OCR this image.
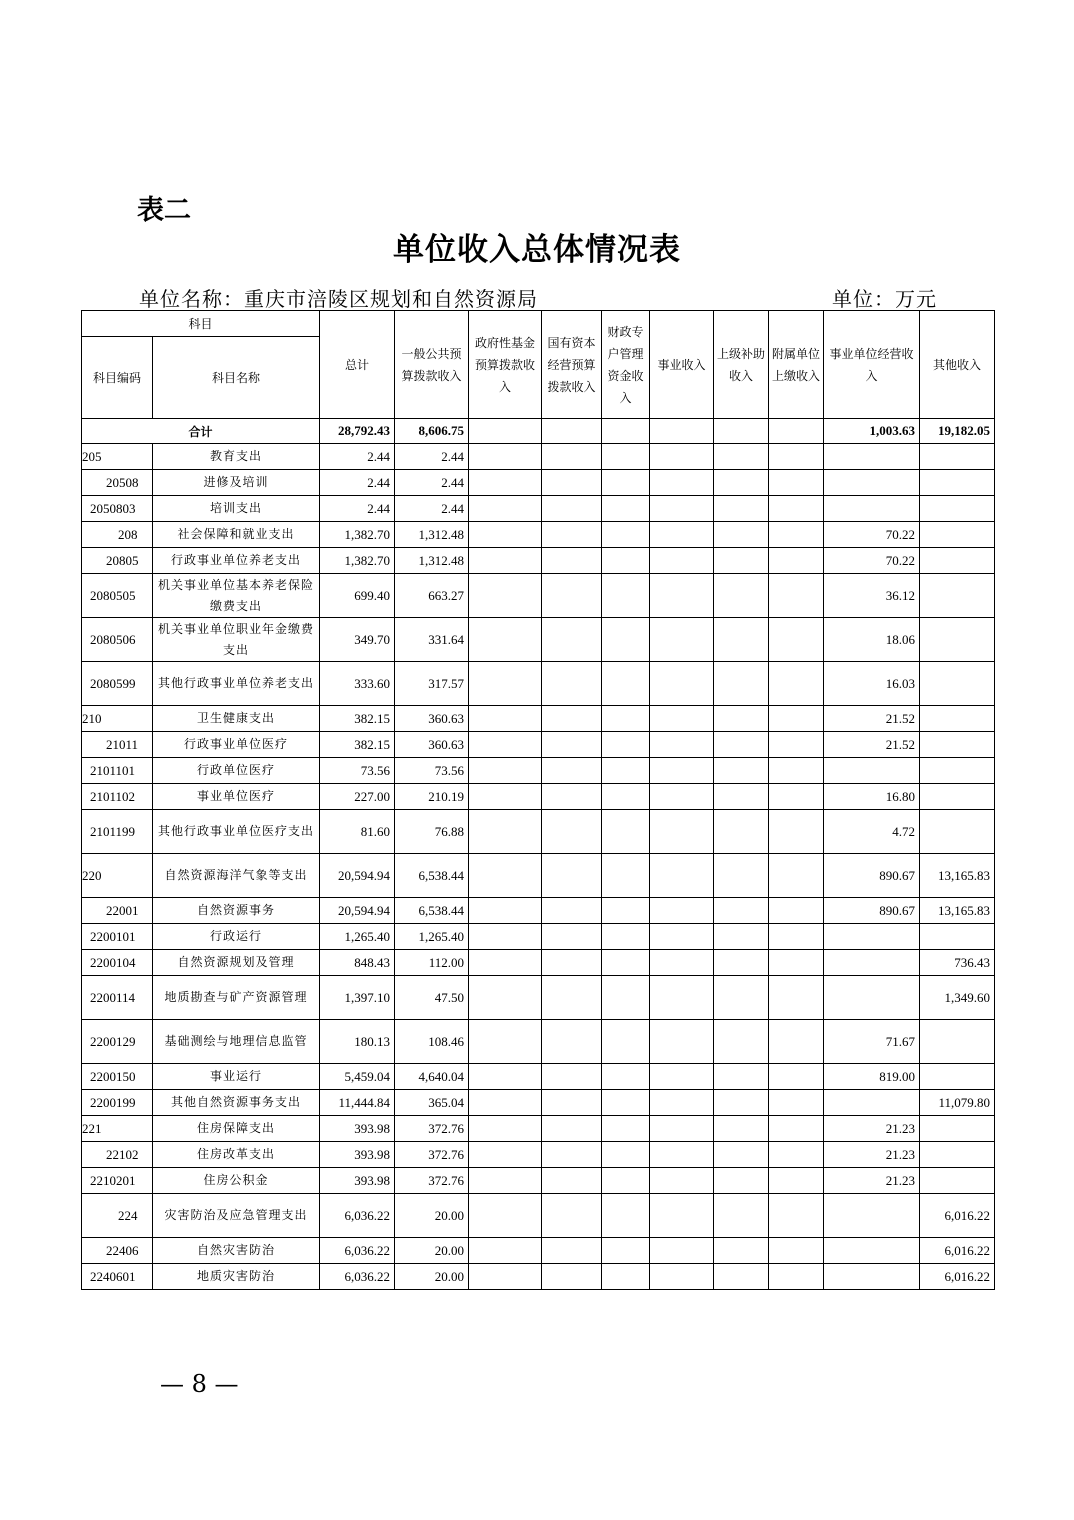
表二
单位收入总体情况表
单位名称：重庆市涪陵区规划和自然资源局	单位：万元
科目		总计	一般公共预算拨款收入	政府性基金预算拨款收入	国有资本经营预算拨款收入	财政专户管理资金收入	事业收入	上级补助收入	附属单位上缴收入	事业单位经营收入	其他收入
科目编码	科目名称										
合计		28,792.43	8,606.75							1,003.63	19,182.05
205	教育支出	2.44	2.44								
20508	进修及培训	2.44	2.44								
2050803	培训支出	2.44	2.44								
208	社会保障和就业支出	1,382.70	1,312.48							70.22	
20805	行政事业单位养老支出	1,382.70	1,312.48							70.22	
2080505	机关事业单位基本养老保险缴费支出	699.40	663.27							36.12	
2080506	机关事业单位职业年金缴费支出	349.70	331.64							18.06	
2080599	其他行政事业单位养老支出	333.60	317.57							16.03	
210	卫生健康支出	382.15	360.63							21.52	
21011	行政事业单位医疗	382.15	360.63							21.52	
2101101	行政单位医疗	73.56	73.56								
2101102	事业单位医疗	227.00	210.19							16.80	
2101199	其他行政事业单位医疗支出	81.60	76.88							4.72	
220	自然资源海洋气象等支出	20,594.94	6,538.44							890.67	13,165.83
22001	自然资源事务	20,594.94	6,538.44							890.67	13,165.83
2200101	行政运行	1,265.40	1,265.40								
2200104	自然资源规划及管理	848.43	112.00								736.43
2200114	地质勘查与矿产资源管理	1,397.10	47.50								1,349.60
2200129	基础测绘与地理信息监管	180.13	108.46							71.67	
2200150	事业运行	5,459.04	4,640.04							819.00	
2200199	其他自然资源事务支出	11,444.84	365.04								11,079.80
221	住房保障支出	393.98	372.76							21.23	
22102	住房改革支出	393.98	372.76							21.23	
2210201	住房公积金	393.98	372.76							21.23	
224	灾害防治及应急管理支出	6,036.22	20.00								6,016.22
22406	自然灾害防治	6,036.22	20.00								6,016.22
2240601	地质灾害防治	6,036.22	20.00								6,016.22
— 8 —
